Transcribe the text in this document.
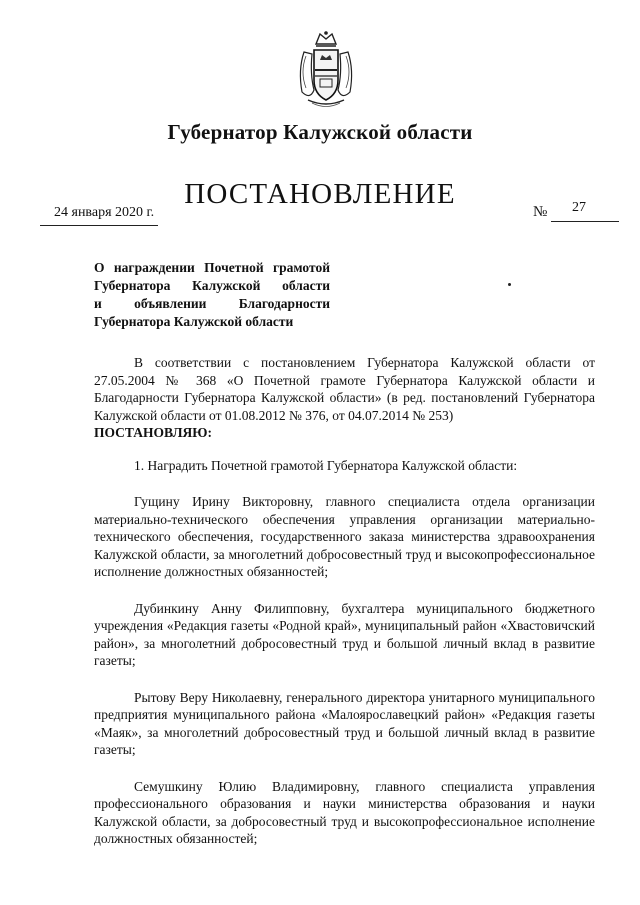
Губернатор Калужской области
ПОСТАНОВЛЕНИЕ
24 января 2020 г.	№ 27
О награждении Почетной грамотой
Губернатора Калужской области
и объявлении Благодарности
Губернатора Калужской области

В соответствии с постановлением Губернатора Калужской области от 27.05.2004 № 368 «О Почетной грамоте Губернатора Калужской области и Благодарности Губернатора Калужской области» (в ред. постановлений Губернатора Калужской области от 01.08.2012 № 376, от 04.07.2014 № 253)

ПОСТАНОВЛЯЮ:

1. Наградить Почетной грамотой Губернатора Калужской области:

Гущину Ирину Викторовну, главного специалиста отдела организации материально-технического обеспечения управления организации материально-технического обеспечения, государственного заказа министерства здравоохранения Калужской области, за многолетний добросовестный труд и высокопрофессиональное исполнение должностных обязанностей;

Дубинкину Анну Филипповну, бухгалтера муниципального бюджетного учреждения «Редакция газеты «Родной край», муниципальный район «Хвастовичский район», за многолетний добросовестный труд и большой личный вклад в развитие газеты;

Рытову Веру Николаевну, генерального директора унитарного муниципального предприятия муниципального района «Малоярославецкий район» «Редакция газеты «Маяк», за многолетний добросовестный труд и большой личный вклад в развитие газеты;

Семушкину Юлию Владимировну, главного специалиста управления профессионального образования и науки министерства образования и науки Калужской области, за добросовестный труд и высокопрофессиональное исполнение должностных обязанностей;
